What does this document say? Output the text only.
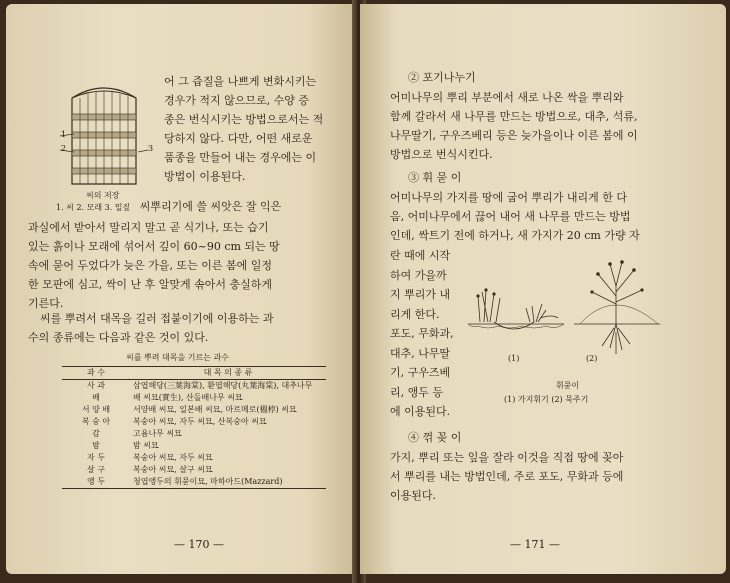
1
2	3
씨의 저장
어 그 즙질을 나쁘게 변화시키는
경우가 적지 않으므로, 수양 증
종은 번식시키는 방법으로서는 적
당하지 않다. 다만, 어떤 새로운
품종을 만들어 내는 경우에는 이
방법이 이용된다.
1. 씨 2. 모래 3. 밀짚 씨뿌리기에 쓸 씨앗은 잘 익은
과실에서 받아서 말리지 말고 곧 식기나, 또는 습기
있는 흙이나 모래에 섞어서 깊이 60~90 cm 되는 땅
속에 묻어 두었다가 늦은 가을, 또는 이른 봄에 일정
한 모판에 심고, 싹이 난 후 알맞게 솎아서 충실하게
기른다.
씨를 뿌려서 대목을 길러 접붙이기에 이용하는 과
수의 종류에는 다음과 같은 것이 있다.
씨를 뿌려 대목을 기르는 과수
과 수	대 목 의 종 류
사 과	삼엽해당(三葉海棠), 환엽해당(丸葉海棠), 대추나무
배	배 씨묘(實生), 산돌배나무 씨묘
서 양 배	서양배 씨묘, 일본배 씨묘, 마르메로(榲桲) 씨묘
복 숭 아	복숭아 씨묘, 자두 씨묘, 산복숭아 씨묘
감	고욤나무 씨묘
밤	밤 씨묘
자 두	복숭아 씨묘, 자두 씨묘
살 구	복숭아 씨묘, 살구 씨묘
앵 두	청엽앵두의 휘묻이묘, 마하아드(Mazzard)
— 170 —
② 포기나누기
어미나무의 뿌리 부분에서 새로 나온 싹을 뿌리와
함께 갈라서 새 나무를 만드는 방법으로, 대추, 석류,
나무딸기, 구우즈베리 등은 늦가을이나 이른 봄에 이
방법으로 번식시킨다.
③ 휘 묻 이
어미나무의 가지를 땅에 굽어 뿌리가 내리게 한 다
음, 어미나무에서 끊어 내어 새 나무를 만드는 방법
인데, 싹트기 전에 하거나, 새 가지가 20 cm 가량 자
란 때에 시작
하여 가을까
지 뿌리가 내
리게 한다.
포도, 무화과,
대추, 나무딸
기, 구우즈베
리, 앵두 등
에 이용된다.
(1)	(2)
휘묻이
(1) 가지휘기 (2) 묵주기
④ 꺾 꽂 이
가지, 뿌리 또는 잎을 잘라 이것을 직접 땅에 꽂아
서 뿌리를 내는 방법인데, 주로 포도, 무화과 등에
이용된다.
— 171 —
